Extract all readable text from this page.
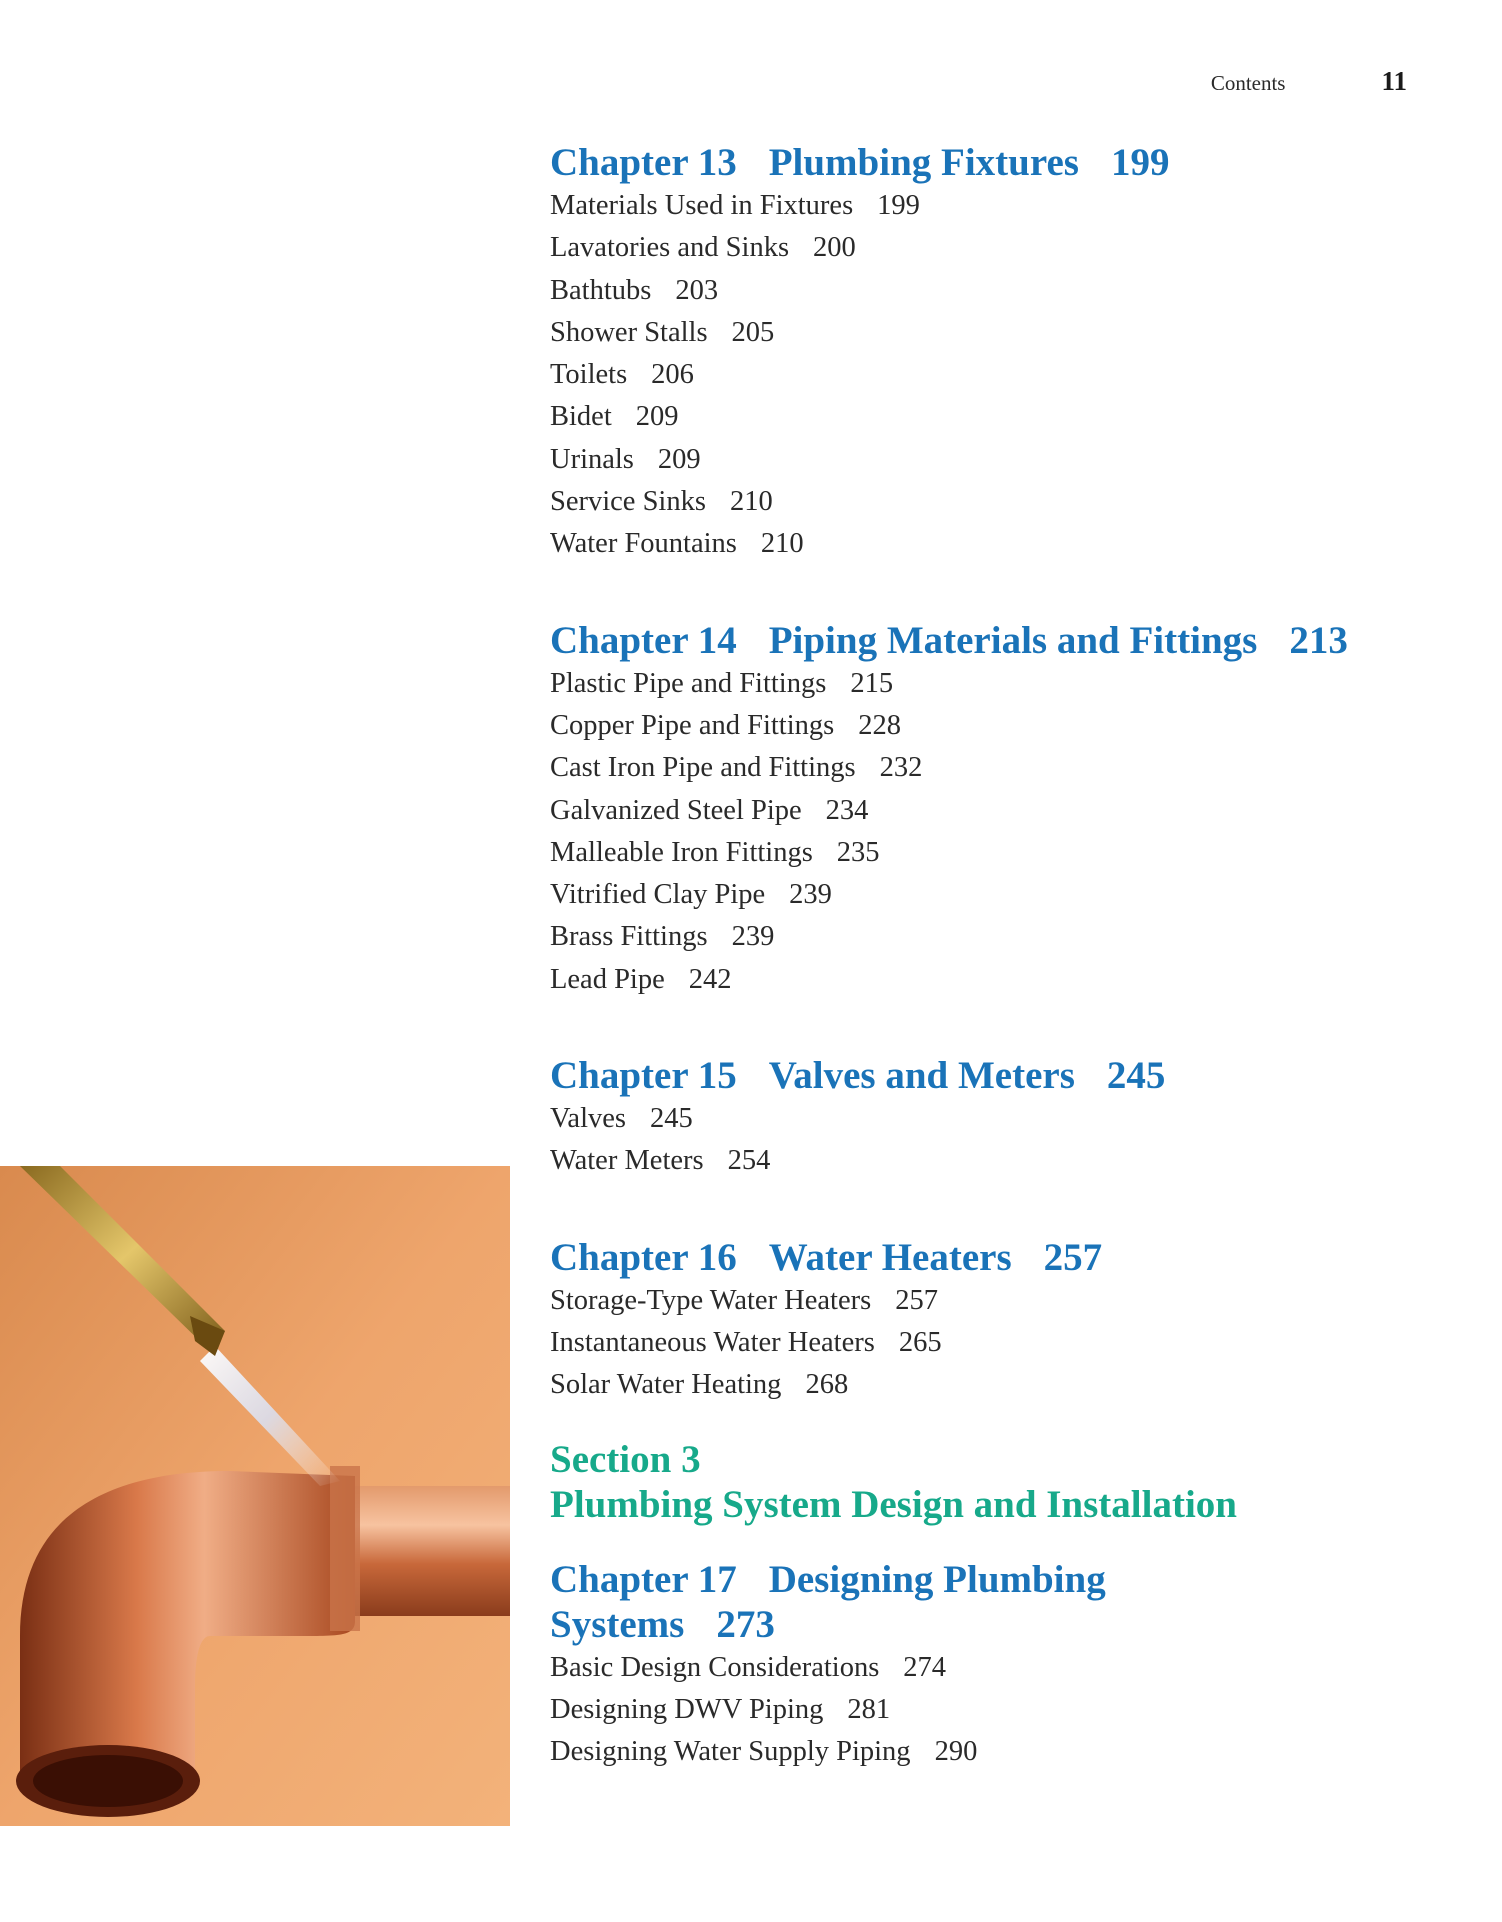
Contents	11
Chapter 13 Plumbing Fixtures 199
Materials Used in Fixtures 199
Lavatories and Sinks 200
Bathtubs 203
Shower Stalls 205
Toilets 206
Bidet 209
Urinals 209
Service Sinks 210
Water Fountains 210
Chapter 14 Piping Materials and Fittings 213
Plastic Pipe and Fittings 215
Copper Pipe and Fittings 228
Cast Iron Pipe and Fittings 232
Galvanized Steel Pipe 234
Malleable Iron Fittings 235
Vitrified Clay Pipe 239
Brass Fittings 239
Lead Pipe 242
Chapter 15 Valves and Meters 245
Valves 245
Water Meters 254
Chapter 16 Water Heaters 257
Storage-Type Water Heaters 257
Instantaneous Water Heaters 265
Solar Water Heating 268
Section 3
Plumbing System Design and Installation
Chapter 17 Designing Plumbing
Systems 273
Basic Design Considerations 274
Designing DWV Piping 281
Designing Water Supply Piping 290
